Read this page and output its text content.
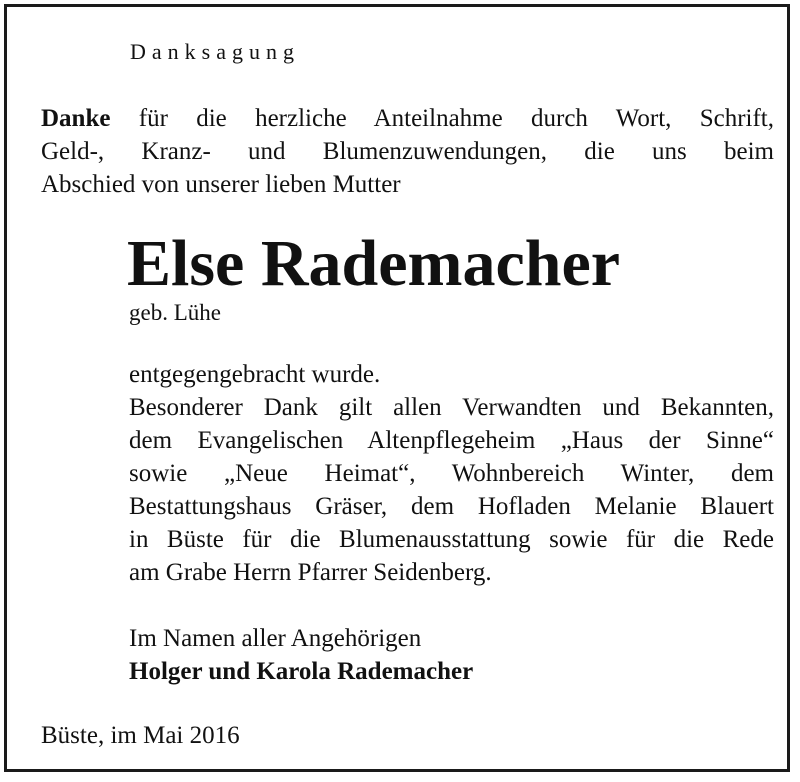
Danksagung
Danke für die herzliche Anteilnahme durch Wort, Schrift,
Geld-, Kranz- und Blumenzuwendungen, die uns beim
Abschied von unserer lieben Mutter
Else Rademacher
geb. Lühe
entgegengebracht wurde.
Besonderer Dank gilt allen Verwandten und Bekannten,
dem Evangelischen Altenpflegeheim „Haus der Sinne“
sowie „Neue Heimat“, Wohnbereich Winter, dem
Bestattungshaus Gräser, dem Hofladen Melanie Blauert
in Büste für die Blumenausstattung sowie für die Rede
am Grabe Herrn Pfarrer Seidenberg.
Im Namen aller Angehörigen
Holger und Karola Rademacher
Büste, im Mai 2016
